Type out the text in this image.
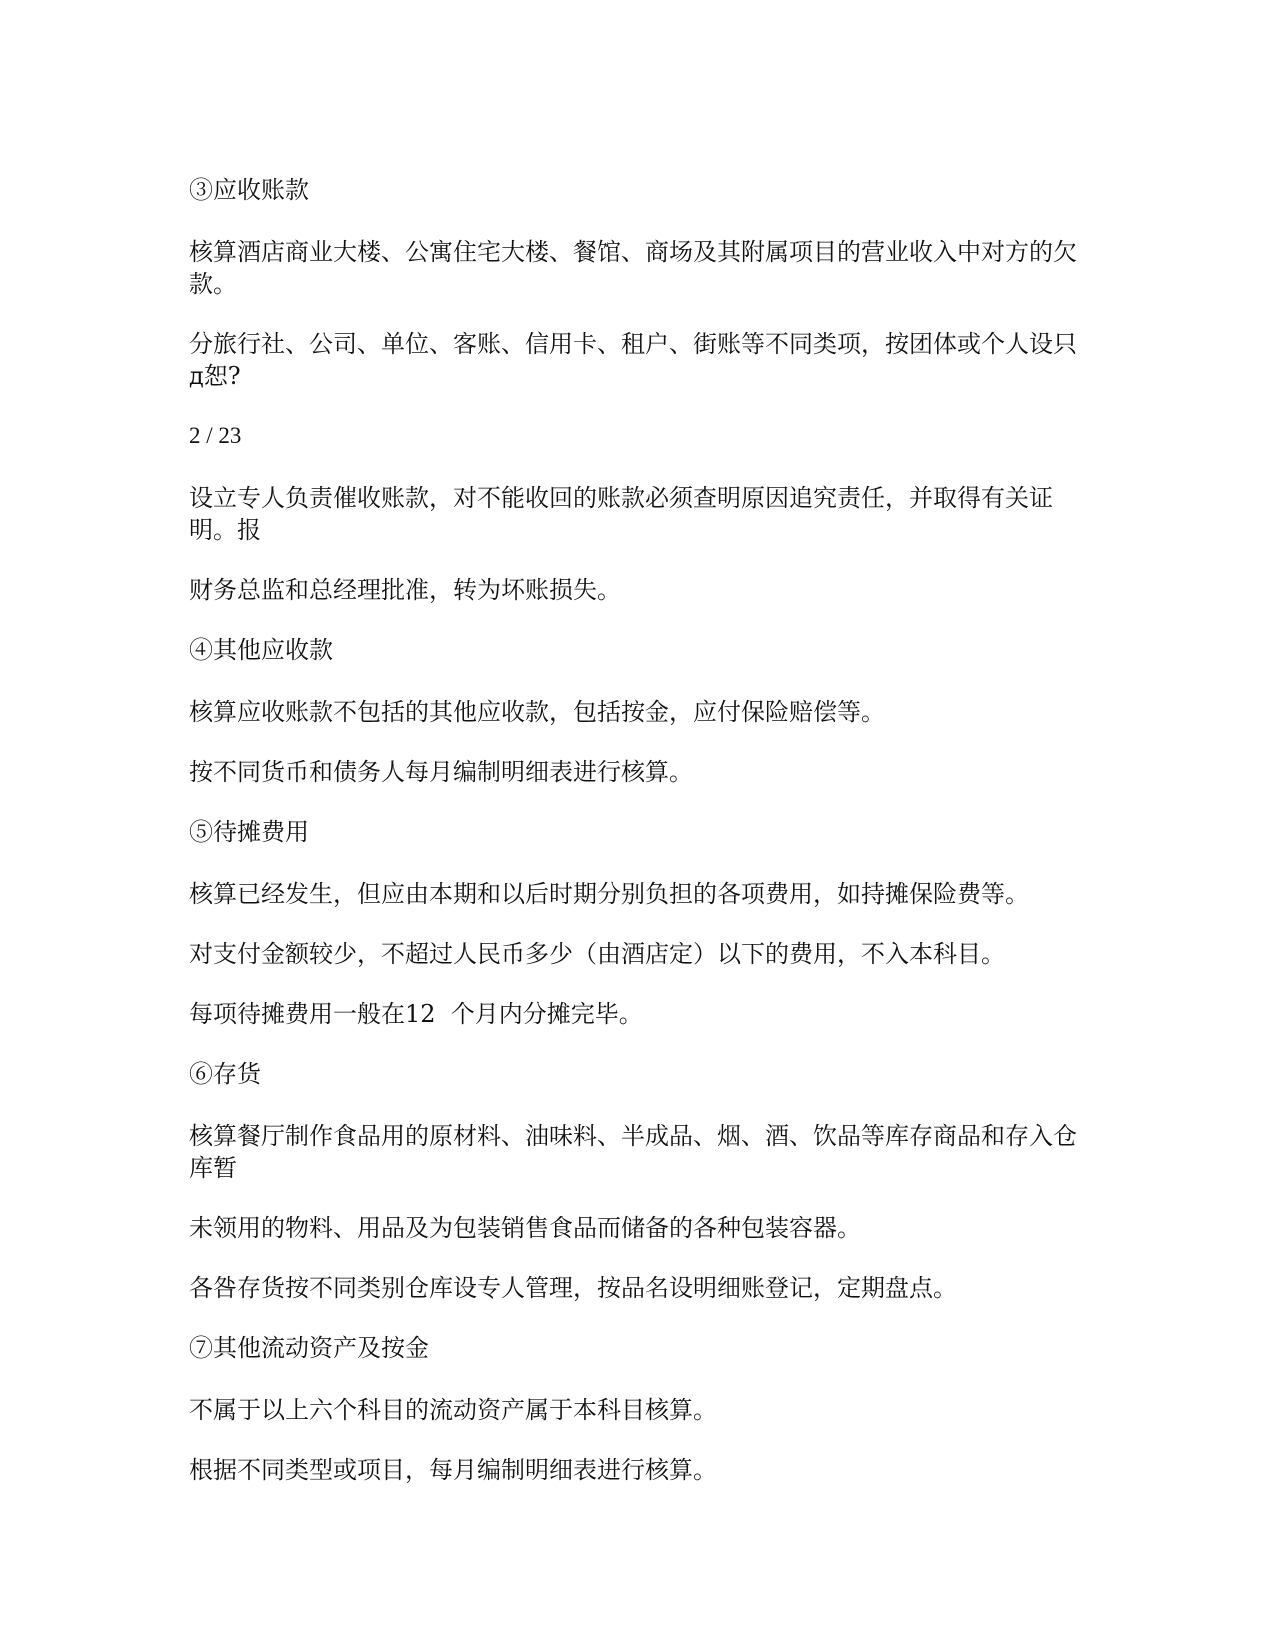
③应收账款

核算酒店商业大楼、公寓住宅大楼、餐馆、商场及其附属项目的营业收入中对方的欠款。

分旅行社、公司、单位、客账、信用卡、租户、街账等不同类项，按团体或个人设只д恕?

2 / 23

设立专人负责催收账款，对不能收回的账款必须查明原因追究责任，并取得有关证明。报

财务总监和总经理批准，转为坏账损失。

④其他应收款

核算应收账款不包括的其他应收款，包括按金，应付保险赔偿等。

按不同货币和债务人每月编制明细表进行核算。

⑤待摊费用

核算已经发生，但应由本期和以后时期分别负担的各项费用，如持摊保险费等。

对支付金额较少，不超过人民币多少（由酒店定）以下的费用，不入本科目。

每项待摊费用一般在12  个月内分摊完毕。

⑥存货

核算餐厅制作食品用的原材料、油味料、半成品、烟、酒、饮品等库存商品和存入仓库暂

未领用的物料、用品及为包装销售食品而储备的各种包装容器。

各咎存货按不同类别仓库设专人管理，按品名设明细账登记，定期盘点。

⑦其他流动资产及按金

不属于以上六个科目的流动资产属于本科目核算。

根据不同类型或项目，每月编制明细表进行核算。
